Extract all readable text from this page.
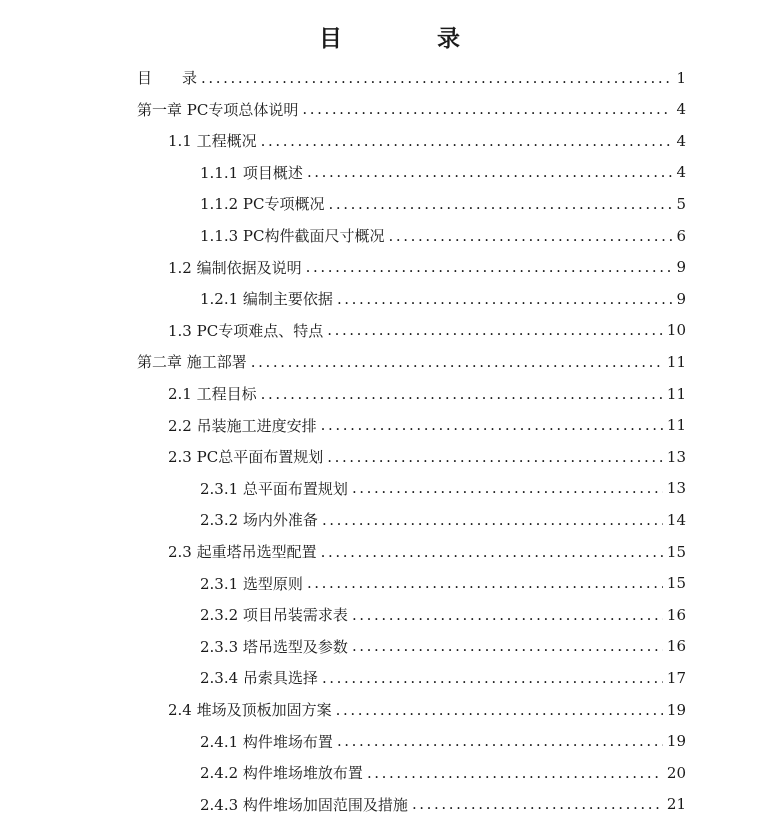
目　录
目　　录 .....	1
第一章 PC专项总体说明 .....	4
1.1 工程概况 .....	4
1.1.1 项目概述 .....	4
1.1.2 PC专项概况 .....	5
1.1.3 PC构件截面尺寸概况 .....	6
1.2 编制依据及说明 .....	9
1.2.1 编制主要依据 .....	9
1.3 PC专项难点、特点 .....	10
第二章 施工部署 .....	11
2.1 工程目标 .....	11
2.2 吊装施工进度安排 .....	11
2.3 PC总平面布置规划 .....	13
2.3.1 总平面布置规划 .....	13
2.3.2 场内外准备 .....	14
2.3 起重塔吊选型配置 .....	15
2.3.1 选型原则 .....	15
2.3.2 项目吊装需求表 .....	16
2.3.3 塔吊选型及参数 .....	16
2.3.4 吊索具选择 .....	17
2.4 堆场及顶板加固方案 .....	19
2.4.1 构件堆场布置 .....	19
2.4.2 构件堆场堆放布置 .....	20
2.4.3 构件堆场加固范围及措施 .....	21
